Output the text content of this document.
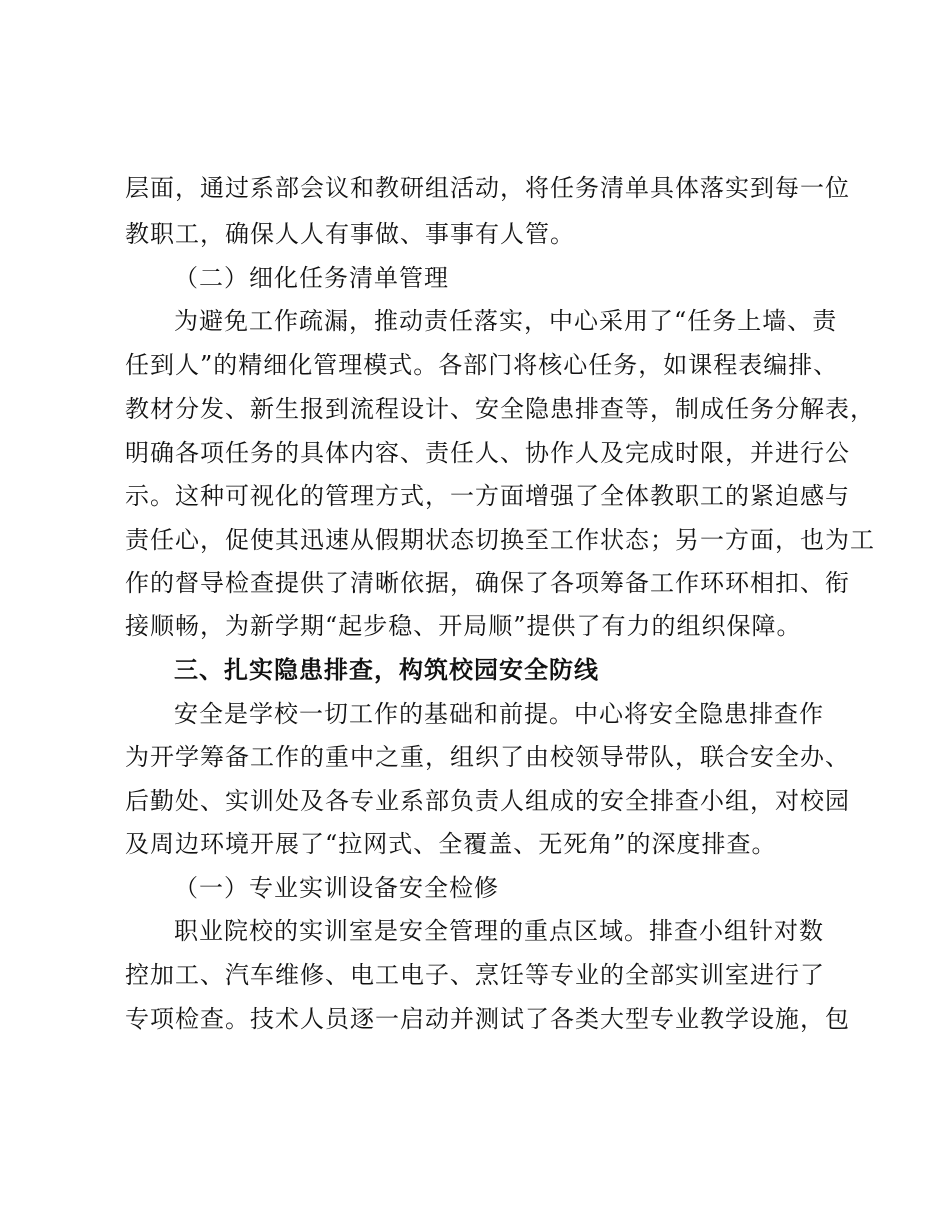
层面，通过系部会议和教研组活动，将任务清单具体落实到每一位
教职工，确保人人有事做、事事有人管。
（二）细化任务清单管理
为避免工作疏漏，推动责任落实，中心采用了“任务上墙、责
任到人”的精细化管理模式。各部门将核心任务，如课程表编排、
教材分发、新生报到流程设计、安全隐患排查等，制成任务分解表，
明确各项任务的具体内容、责任人、协作人及完成时限，并进行公
示。这种可视化的管理方式，一方面增强了全体教职工的紧迫感与
责任心，促使其迅速从假期状态切换至工作状态；另一方面，也为工
作的督导检查提供了清晰依据，确保了各项筹备工作环环相扣、衔
接顺畅，为新学期“起步稳、开局顺”提供了有力的组织保障。
三、扎实隐患排查，构筑校园安全防线
安全是学校一切工作的基础和前提。中心将安全隐患排查作
为开学筹备工作的重中之重，组织了由校领导带队，联合安全办、
后勤处、实训处及各专业系部负责人组成的安全排查小组，对校园
及周边环境开展了“拉网式、全覆盖、无死角”的深度排查。
（一）专业实训设备安全检修
职业院校的实训室是安全管理的重点区域。排查小组针对数
控加工、汽车维修、电工电子、烹饪等专业的全部实训室进行了
专项检查。技术人员逐一启动并测试了各类大型专业教学设施，包
